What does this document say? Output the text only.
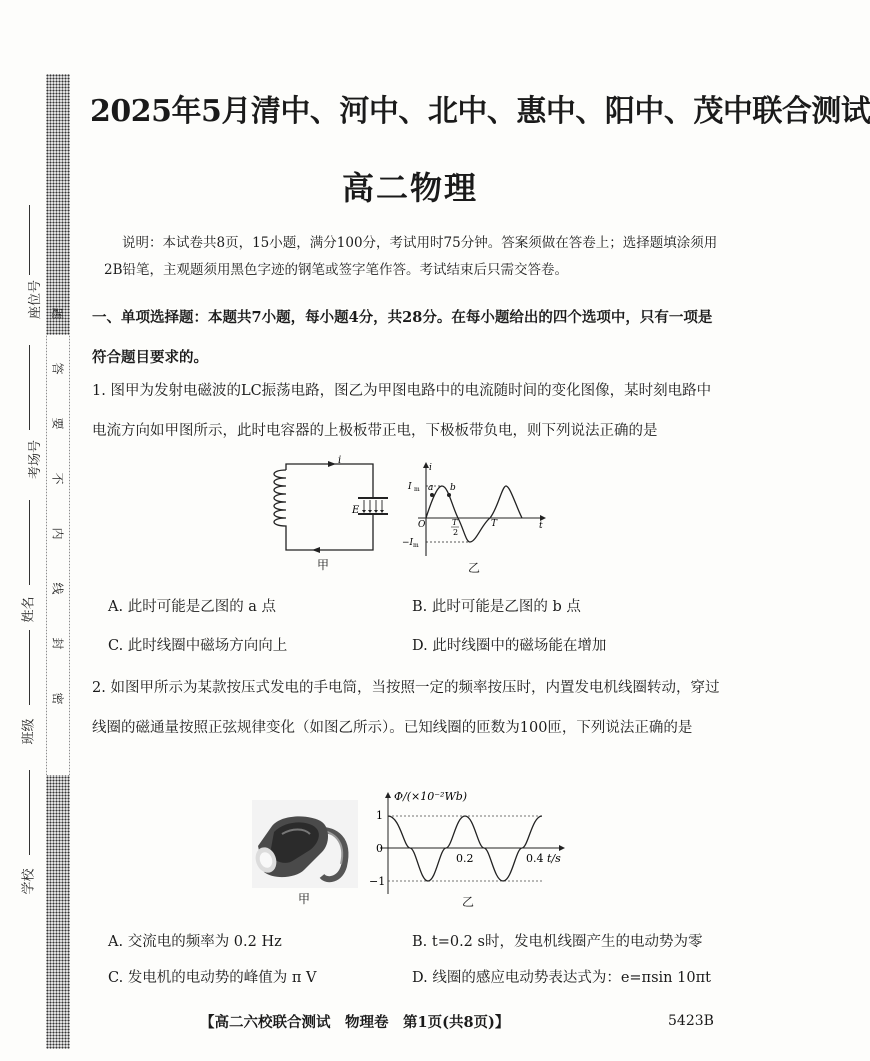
密
封
线
内
不
要
答
题
座位号
考场号
姓名
班级
学校
2025年5月清中、河中、北中、惠中、阳中、茂中联合测试
高二物理
说明：本试卷共8页，15小题，满分100分，考试用时75分钟。答案须做在答卷上；选择题填涂须用2B铅笔，主观题须用黑色字迹的钢笔或签字笔作答。考试结束后只需交答卷。
一、单项选择题：本题共7小题，每小题4分，共28分。在每小题给出的四个选项中，只有一项是符合题目要求的。
1. 图甲为发射电磁波的LC振荡电路，图乙为甲图电路中的电流随时间的变化图像，某时刻电路中电流方向如甲图所示，此时电容器的上极板带正电，下极板带负电，则下列说法正确的是
i
E
甲
i
I m
−I m
a b
O	T
2
T	t
乙
A. 此时可能是乙图的 a 点	B. 此时可能是乙图的 b 点
C. 此时线圈中磁场方向向上	D. 此时线圈中的磁场能在增加
2. 如图甲所示为某款按压式发电的手电筒，当按照一定的频率按压时，内置发电机线圈转动，穿过线圈的磁通量按照正弦规律变化（如图乙所示）。已知线圈的匝数为100匝，下列说法正确的是
甲
Φ/(×10⁻²Wb)
1
0
−1
0.2	0.4 t/s
乙
A. 交流电的频率为 0.2 Hz	B. t=0.2 s时，发电机线圈产生的电动势为零
C. 发电机的电动势的峰值为 π V	D. 线圈的感应电动势表达式为：e=πsin 10πt
【高二六校联合测试　物理卷　第1页(共8页)】	5423B
